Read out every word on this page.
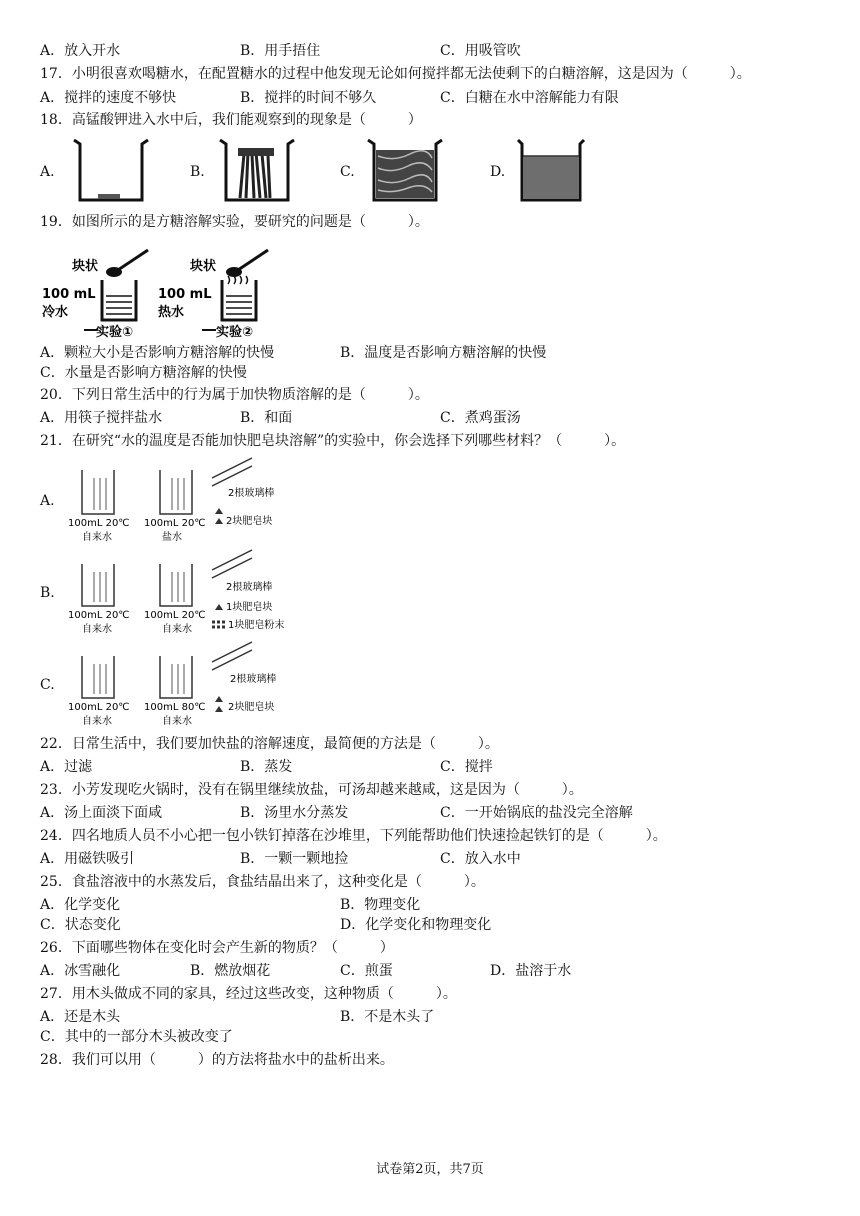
A．放入开水	B．用手捂住	C．用吸管吹
17．小明很喜欢喝糖水，在配置糖水的过程中他发现无论如何搅拌都无法使剩下的白糖溶解，这是因为（　　　）。
A．搅拌的速度不够快	B．搅拌的时间不够久	C．白糖在水中溶解能力有限
18．高锰酸钾进入水中后，我们能观察到的现象是（　　　）
A.	B.	C.	D.
19．如图所示的是方糖溶解实验，要研究的问题是（　　　）。
块状
100 mL
冷水
实验①
块状
100 mL
热水
实验②
A．颗粒大小是否影响方糖溶解的快慢	B．温度是否影响方糖溶解的快慢
C．水量是否影响方糖溶解的快慢
20．下列日常生活中的行为属于加快物质溶解的是（　　　）。
A．用筷子搅拌盐水	B．和面	C．煮鸡蛋汤
21．在研究“水的温度是否能加快肥皂块溶解”的实验中，你会选择下列哪些材料？（　　　）。
A.
B.
C.
100mL 20℃
自来水
100mL 20℃
盐水
2根玻璃棒
2块肥皂块
100mL 20℃
自来水
100mL 20℃
自来水
2根玻璃棒
1块肥皂块
1块肥皂粉末
100mL 20℃
自来水
100mL 80℃
自来水
2根玻璃棒
2块肥皂块
22．日常生活中，我们要加快盐的溶解速度，最简便的方法是（　　　）。
A．过滤	B．蒸发	C．搅拌
23．小芳发现吃火锅时，没有在锅里继续放盐，可汤却越来越咸，这是因为（　　　）。
A．汤上面淡下面咸	B．汤里水分蒸发	C．一开始锅底的盐没完全溶解
24．四名地质人员不小心把一包小铁钉掉落在沙堆里，下列能帮助他们快速捡起铁钉的是（　　　）。
A．用磁铁吸引	B．一颗一颗地捡	C．放入水中
25．食盐溶液中的水蒸发后，食盐结晶出来了，这种变化是（　　　）。
A．化学变化	B．物理变化
C．状态变化	D．化学变化和物理变化
26．下面哪些物体在变化时会产生新的物质？（　　　）
A．冰雪融化	B．燃放烟花	C．煎蛋	D．盐溶于水
27．用木头做成不同的家具，经过这些改变，这种物质（　　　）。
A．还是木头	B．不是木头了
C．其中的一部分木头被改变了
28．我们可以用（　　　）的方法将盐水中的盐析出来。
试卷第2页，共7页
